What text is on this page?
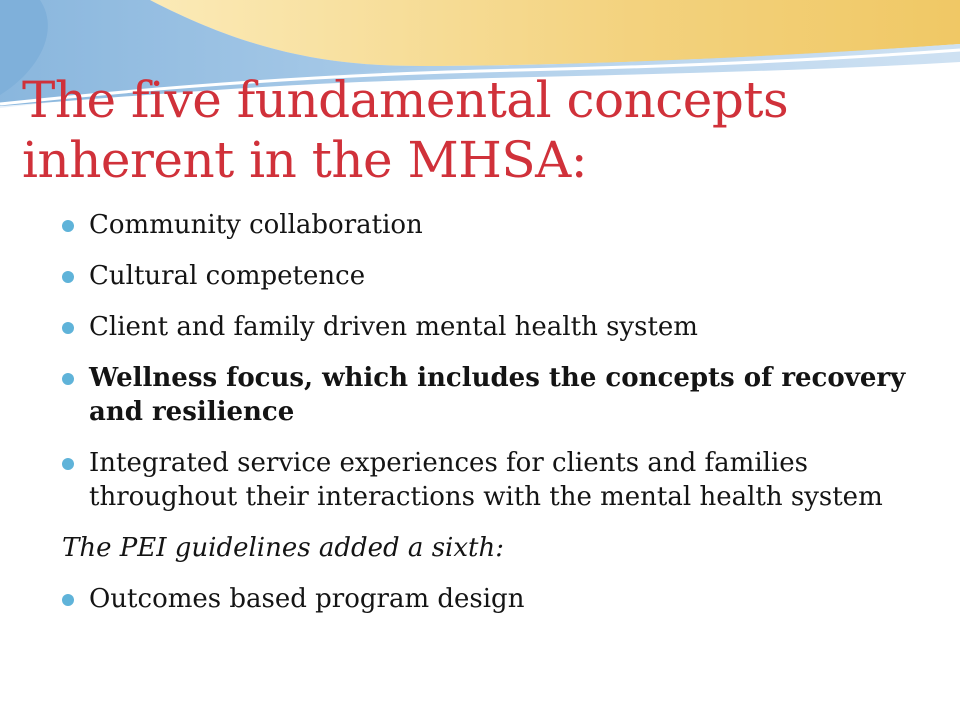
The five fundamental concepts
inherent in the MHSA:
Community collaboration
Cultural competence
Client and family driven mental health system
Wellness focus, which includes the concepts of recovery and resilience
Integrated service experiences for clients and families throughout their interactions with the mental health system
The PEI guidelines added a sixth:
Outcomes based program design
